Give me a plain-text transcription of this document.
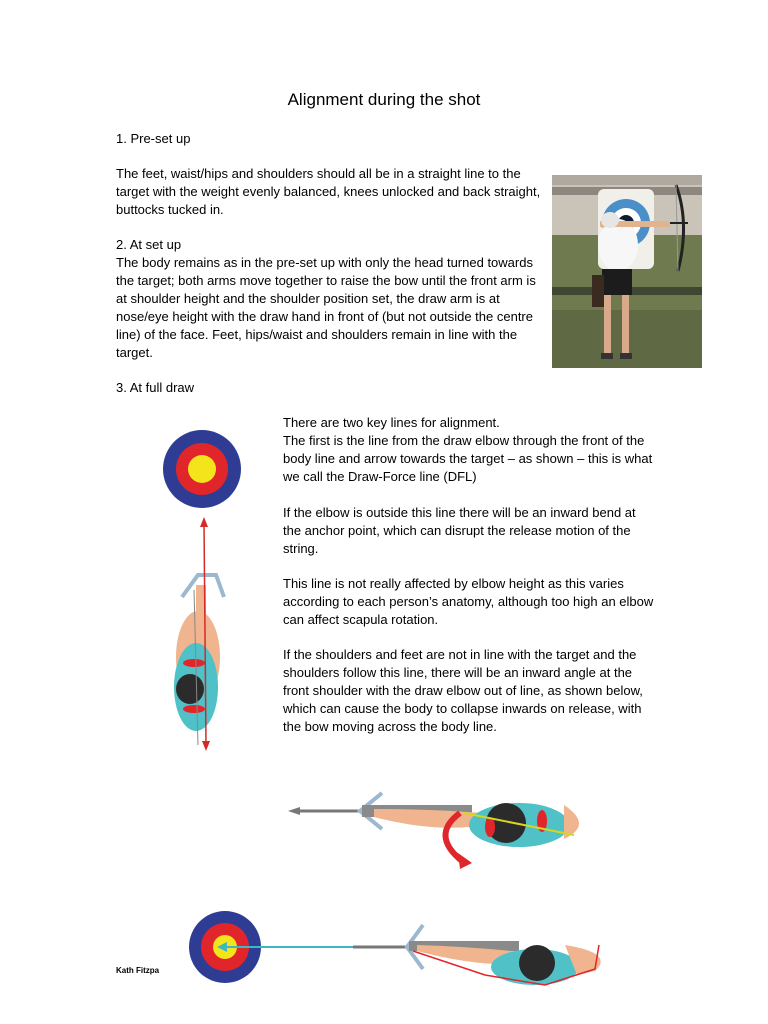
Alignment during the shot
1. Pre-set up

The feet, waist/hips and shoulders should all be in a straight line to the target with the weight evenly balanced, knees unlocked and back straight, buttocks tucked in.

2. At set up

The body remains as in the pre-set up with only the head turned towards the target; both arms move together to raise the bow until the front arm is at shoulder height and the shoulder position set, the draw arm is at nose/eye height with the draw hand in front of (but not outside the centre line) of the face. Feet, hips/waist and shoulders remain in line with the target.

3. At full draw

There are two key lines for alignment.
The first is the line from the draw elbow through the front of the body line and arrow towards the target – as shown – this is what we call the Draw-Force line (DFL)

If the elbow is outside this line there will be an inward bend at the anchor point, which can disrupt the release motion of the string.

This line is not really affected by elbow height as this varies according to each person’s anatomy, although too high an elbow can affect scapula rotation.

If the shoulders and feet are not in line with the target and the shoulders follow this line, there will be an inward angle at the front shoulder with the draw elbow out of line, as shown below, which can cause the body to collapse inwards on release, with the bow moving across the body line.

Kath Fitzpa
